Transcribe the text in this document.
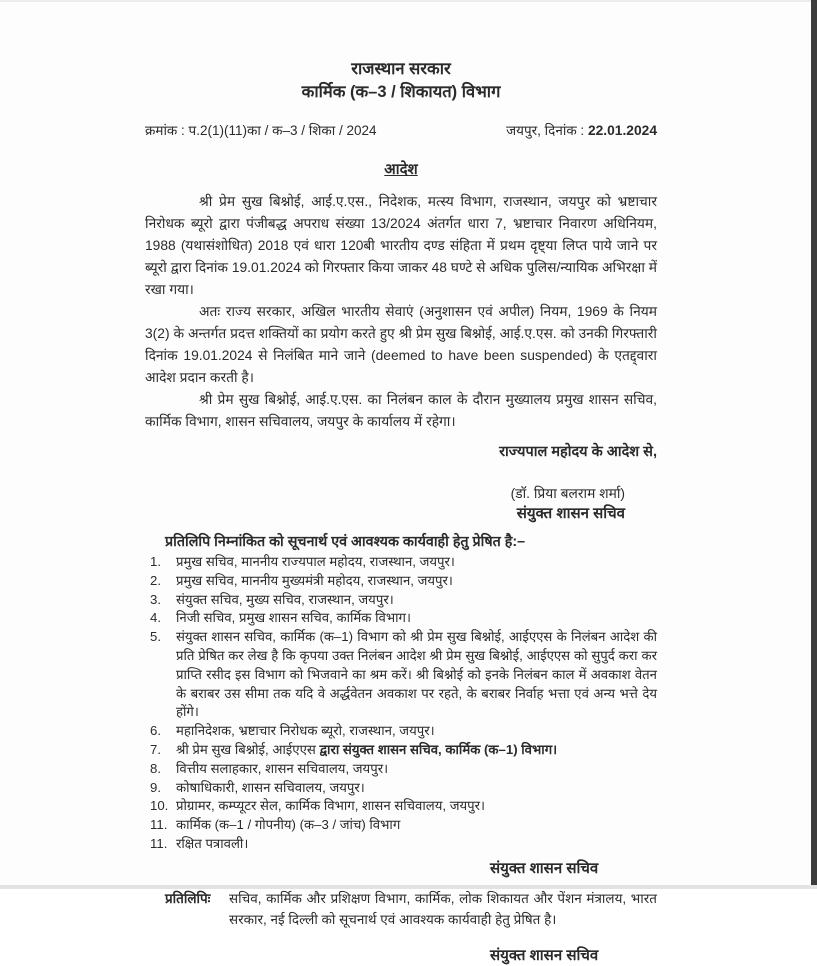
राजस्थान सरकार
कार्मिक (क–3 / शिकायत) विभाग
क्रमांक : प.2(1)(11)का / क–3 / शिका / 2024	जयपुर, दिनांक : 22.01.2024
आदेश
श्री प्रेम सुख बिश्नोई, आई.ए.एस., निदेशक, मत्स्य विभाग, राजस्थान, जयपुर को भ्रष्टाचार निरोधक ब्यूरो द्वारा पंजीबद्ध अपराध संख्या 13/2024 अंतर्गत धारा 7, भ्रष्टाचार निवारण अधिनियम, 1988 (यथासंशोधित) 2018 एवं धारा 120बी भारतीय दण्ड संहिता में प्रथम दृष्ट्या लिप्त पाये जाने पर ब्यूरो द्वारा दिनांक 19.01.2024 को गिरफ्तार किया जाकर 48 घण्टे से अधिक पुलिस/न्यायिक अभिरक्षा में रखा गया।
अतः राज्य सरकार, अखिल भारतीय सेवाएं (अनुशासन एवं अपील) नियम, 1969 के नियम 3(2) के अन्तर्गत प्रदत्त शक्तियों का प्रयोग करते हुए श्री प्रेम सुख बिश्नोई, आई.ए.एस. को उनकी गिरफ्तारी दिनांक 19.01.2024 से निलंबित माने जाने (deemed to have been suspended) के एतद्द्वारा आदेश प्रदान करती है।
श्री प्रेम सुख बिश्नोई, आई.ए.एस. का निलंबन काल के दौरान मुख्यालय प्रमुख शासन सचिव, कार्मिक विभाग, शासन सचिवालय, जयपुर के कार्यालय में रहेगा।
राज्यपाल महोदय के आदेश से,
(डॉ. प्रिया बलराम शर्मा)
संयुक्त शासन सचिव
प्रतिलिपि निम्नांकित को सूचनार्थ एवं आवश्यक कार्यवाही हेतु प्रेषित है:–
1.	प्रमुख सचिव, माननीय राज्यपाल महोदय, राजस्थान, जयपुर।
2.	प्रमुख सचिव, माननीय मुख्यमंत्री महोदय, राजस्थान, जयपुर।
3.	संयुक्त सचिव, मुख्य सचिव, राजस्थान, जयपुर।
4.	निजी सचिव, प्रमुख शासन सचिव, कार्मिक विभाग।
5.	संयुक्त शासन सचिव, कार्मिक (क–1) विभाग को श्री प्रेम सुख बिश्नोई, आईएएस के निलंबन आदेश की प्रति प्रेषित कर लेख है कि कृपया उक्त निलंबन आदेश श्री प्रेम सुख बिश्नोई, आईएएस को सुपुर्द करा कर प्राप्ति रसीद इस विभाग को भिजवाने का श्रम करें। श्री बिश्नोई को इनके निलंबन काल में अवकाश वेतन के बराबर उस सीमा तक यदि वे अर्द्धवेतन अवकाश पर रहते, के बराबर निर्वाह भत्ता एवं अन्य भत्ते देय होंगे।
6.	महानिदेशक, भ्रष्टाचार निरोधक ब्यूरो, राजस्थान, जयपुर।
7.	श्री प्रेम सुख बिश्नोई, आईएएस द्वारा संयुक्त शासन सचिव, कार्मिक (क–1) विभाग।
8.	वित्तीय सलाहकार, शासन सचिवालय, जयपुर।
9.	कोषाधिकारी, शासन सचिवालय, जयपुर।
10. प्रोग्रामर, कम्प्यूटर सेल, कार्मिक विभाग, शासन सचिवालय, जयपुर।
11. कार्मिक (क–1 / गोपनीय) (क–3 / जांच) विभाग
11. रक्षित पत्रावली।
संयुक्त शासन सचिव
प्रतिलिपिः	सचिव, कार्मिक और प्रशिक्षण विभाग, कार्मिक, लोक शिकायत और पेंशन मंत्रालय, भारत सरकार, नई दिल्ली को सूचनार्थ एवं आवश्यक कार्यवाही हेतु प्रेषित है।
संयुक्त शासन सचिव
